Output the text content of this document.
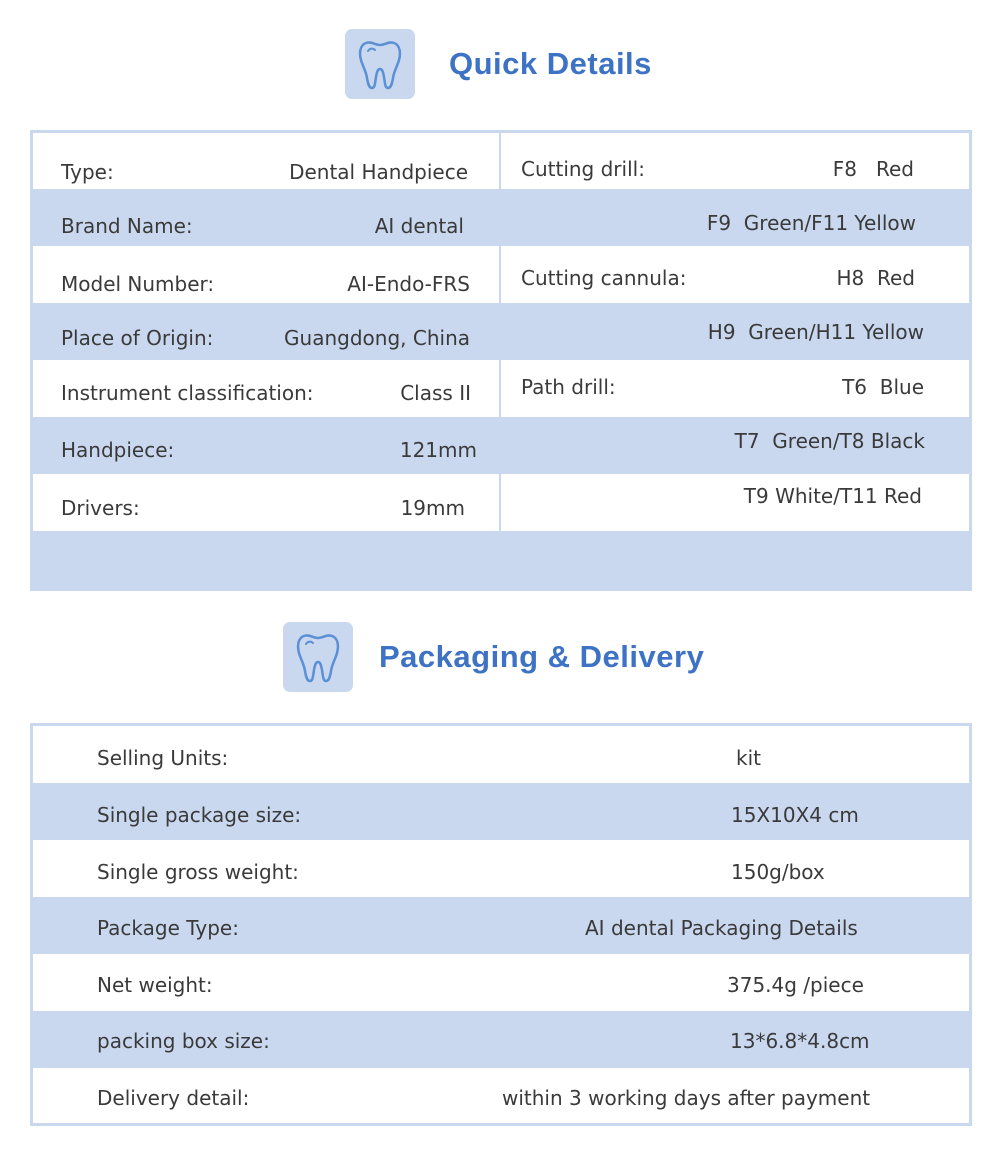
Quick Details
Type:	Dental Handpiece
Brand Name:	AI dental
Model Number:	AI-Endo-FRS
Place of Origin:	Guangdong, China
Instrument classification:	Class II
Handpiece:	121mm
Drivers:	19mm
Cutting drill:	F8   Red
F9  Green/F11 Yellow
Cutting cannula:	H8  Red
H9  Green/H11 Yellow
Path drill:	T6  Blue
T7  Green/T8 Black
T9 White/T11 Red
Packaging & Delivery
Selling Units:	kit
Single package size:	15X10X4 cm
Single gross weight:	150g/box
Package Type:	AI dental Packaging Details
Net weight:	375.4g /piece
packing box size:	13*6.8*4.8cm
Delivery detail:	within 3 working days after payment
